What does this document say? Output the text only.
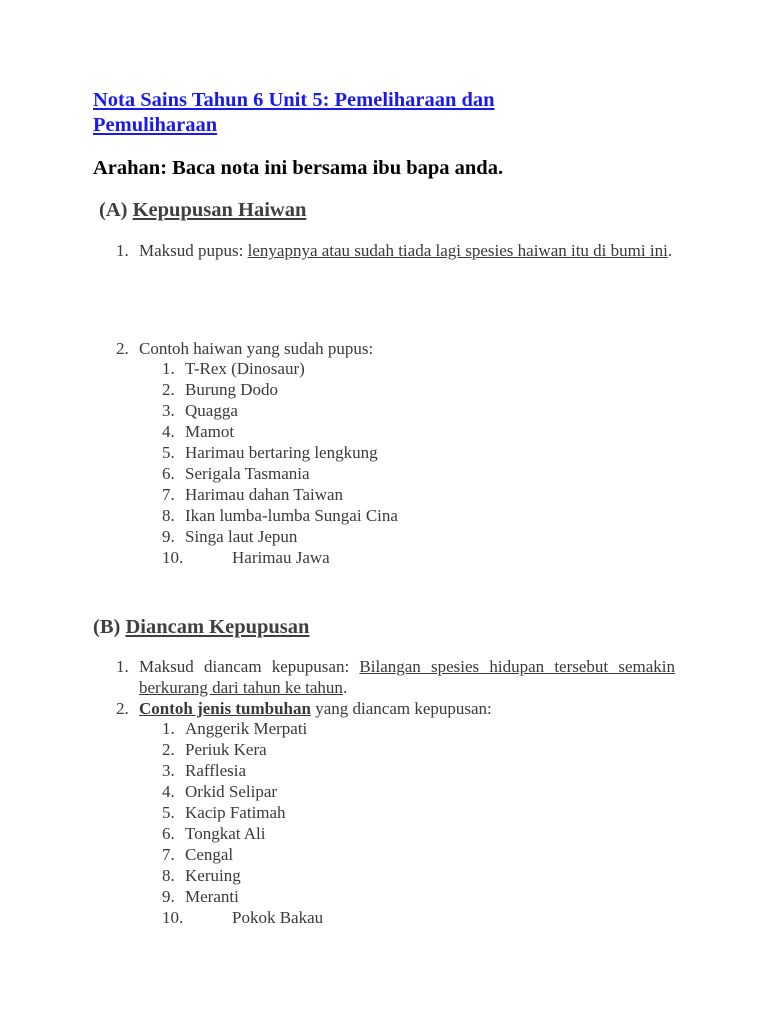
Nota Sains Tahun 6 Unit 5: Pemeliharaan dan Pemuliharaan
Arahan: Baca nota ini bersama ibu bapa anda.
(A) Kepupusan Haiwan
1. Maksud pupus: lenyapnya atau sudah tiada lagi spesies haiwan itu di bumi ini.
2. Contoh haiwan yang sudah pupus:
1. T-Rex (Dinosaur)
2. Burung Dodo
3. Quagga
4. Mamot
5. Harimau bertaring lengkung
6. Serigala Tasmania
7. Harimau dahan Taiwan
8. Ikan lumba-lumba Sungai Cina
9. Singa laut Jepun
10.	Harimau Jawa
(B) Diancam Kepupusan
1. Maksud diancam kepupusan: Bilangan spesies hidupan tersebut semakin berkurang dari tahun ke tahun.
2. Contoh jenis tumbuhan yang diancam kepupusan:
1. Anggerik Merpati
2. Periuk Kera
3. Rafflesia
4. Orkid Selipar
5. Kacip Fatimah
6. Tongkat Ali
7. Cengal
8. Keruing
9. Meranti
10.	Pokok Bakau
